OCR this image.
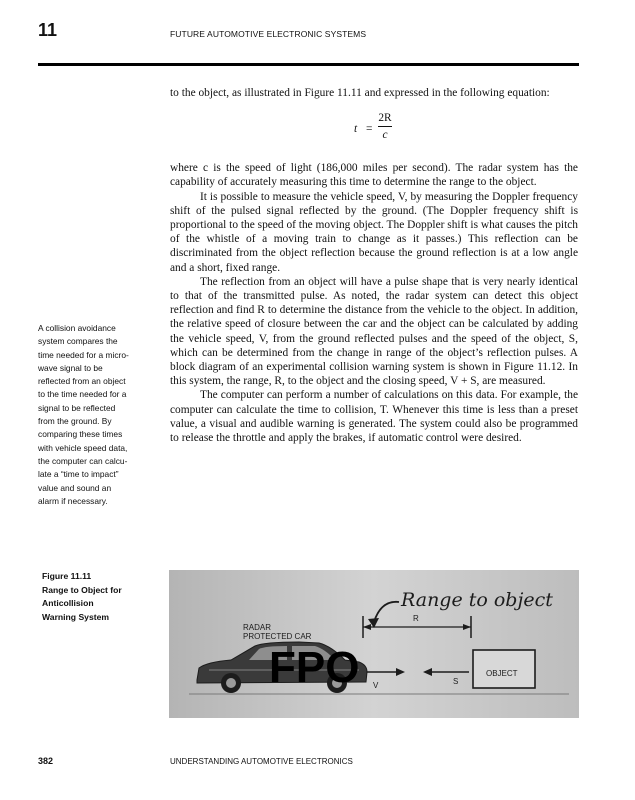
11	FUTURE AUTOMOTIVE ELECTRONIC SYSTEMS

to the object, as illustrated in Figure 11.11 and expressed in the following equation:

t =
2R
c

where c is the speed of light (186,000 miles per second). The radar system has the capability of accurately measuring this time to determine the range to the object.

It is possible to measure the vehicle speed, V, by measuring the Doppler frequency shift of the pulsed signal reflected by the ground. (The Doppler frequency shift is proportional to the speed of the moving object. The Doppler shift is what causes the pitch of the whistle of a moving train to change as it passes.) This reflection can be discriminated from the object reflection because the ground reflection is at a low angle and a short, fixed range.

The reflection from an object will have a pulse shape that is very nearly identical to that of the transmitted pulse. As noted, the radar system can detect this object reflection and find R to determine the distance from the vehicle to the object. In addition, the relative speed of closure between the car and the object can be calculated by adding the vehicle speed, V, from the ground reflected pulses and the speed of the object, S, which can be determined from the change in range of the object’s reflection pulses. A block diagram of an experimental collision warning system is shown in Figure 11.12. In this system, the range, R, to the object and the closing speed, V + S, are measured.

The computer can perform a number of calculations on this data. For example, the computer can calculate the time to collision, T. Whenever this time is less than a preset value, a visual and audible warning is generated. The system could also be programmed to release the throttle and apply the brakes, if automatic control were desired.

A collision avoidance
system compares the
time needed for a micro-
wave signal to be
reflected from an object
to the time needed for a
signal to be reflected
from the ground. By
comparing these times
with vehicle speed data,
the computer can calcu-
late a “time to impact”
value and sound an
alarm if necessary.
Figure 11.11
Range to Object for
Anticollision
Warning System
Range to object
R
RADAR
PROTECTED CAR
FPO V	S
OBJECT
382	UNDERSTANDING AUTOMOTIVE ELECTRONICS
